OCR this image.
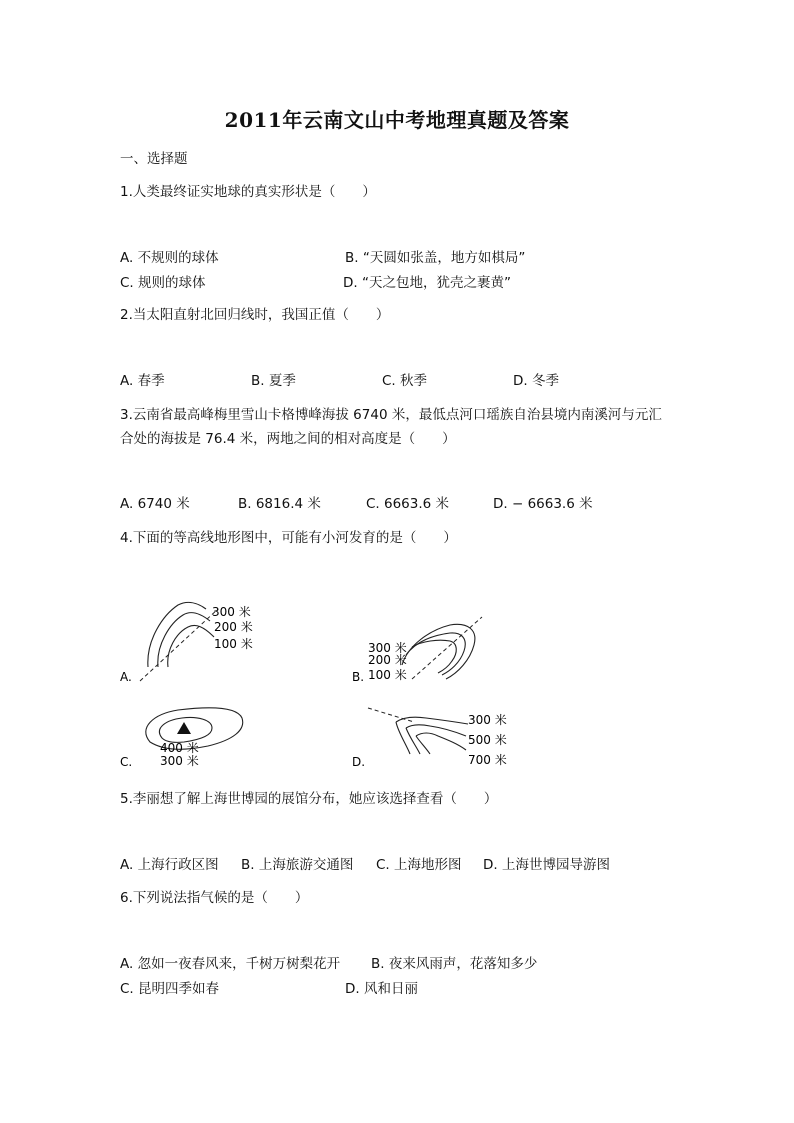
2011年云南文山中考地理真题及答案
一、选择题
1.人类最终证实地球的真实形状是（　　）
A. 不规则的球体	B. “天圆如张盖，地方如棋局”
C. 规则的球体	D. “天之包地，犹壳之裹黄”
2.当太阳直射北回归线时，我国正值（　　）
A. 春季	B. 夏季	C. 秋季	D. 冬季
3.云南省最高峰梅里雪山卡格博峰海拔 6740 米，最低点河口瑶族自治县境内南溪河与元汇
合处的海拔是 76.4 米，两地之间的相对高度是（　　）
A. 6740 米	B. 6816.4 米	C. 6663.6 米	D. − 6663.6 米
4.下面的等高线地形图中，可能有小河发育的是（　　）
300 米
200 米
100 米
A.
300 米
200 米
100 米
B.
400 米
300 米
C.
300 米
500 米
700 米
D.
5.李丽想了解上海世博园的展馆分布，她应该选择查看（　　）
A. 上海行政区图 B. 上海旅游交通图 C. 上海地形图 D. 上海世博园导游图
6.下列说法指气候的是（　　）
A. 忽如一夜春风来，千树万树梨花开 B. 夜来风雨声，花落知多少
C. 昆明四季如春	D. 风和日丽
